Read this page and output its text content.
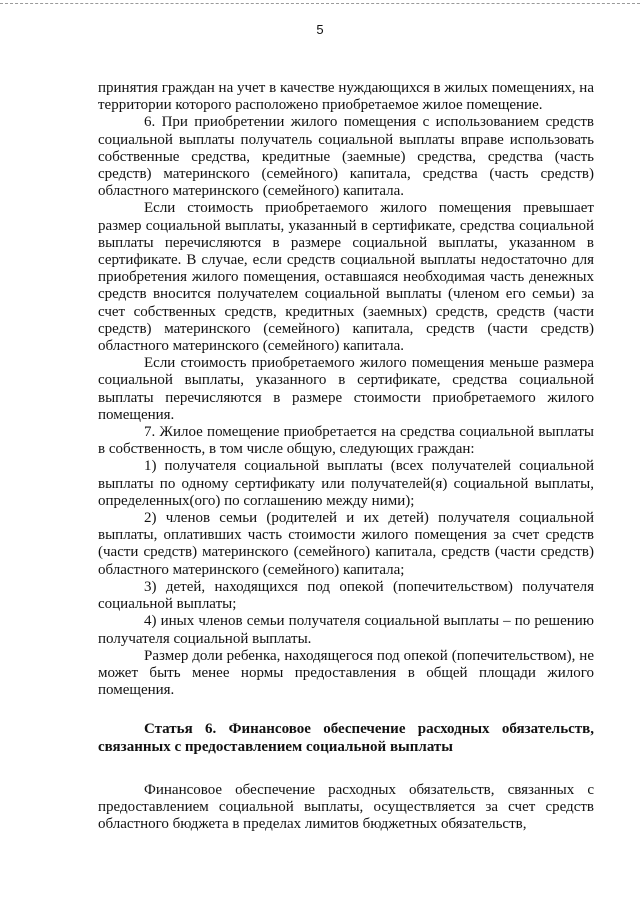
5

принятия граждан на учет в качестве нуждающихся в жилых помещениях, на территории которого расположено приобретаемое жилое помещение.

6. При приобретении жилого помещения с использованием средств социальной выплаты получатель социальной выплаты вправе использовать собственные средства, кредитные (заемные) средства, средства (часть средств) материнского (семейного) капитала, средства (часть средств) областного материнского (семейного) капитала.

Если стоимость приобретаемого жилого помещения превышает размер социальной выплаты, указанный в сертификате, средства социальной выплаты перечисляются в размере социальной выплаты, указанном в сертификате. В случае, если средств социальной выплаты недостаточно для приобретения жилого помещения, оставшаяся необходимая часть денежных средств вносится получателем социальной выплаты (членом его семьи) за счет собственных средств, кредитных (заемных) средств, средств (части средств) материнского (семейного) капитала, средств (части средств) областного материнского (семейного) капитала.

Если стоимость приобретаемого жилого помещения меньше размера социальной выплаты, указанного в сертификате, средства социальной выплаты перечисляются в размере стоимости приобретаемого жилого помещения.

7. Жилое помещение приобретается на средства социальной выплаты в собственность, в том числе общую, следующих граждан:

1) получателя социальной выплаты (всех получателей социальной выплаты по одному сертификату или получателей(я) социальной выплаты, определенных(ого) по соглашению между ними);

2) членов семьи (родителей и их детей) получателя социальной выплаты, оплативших часть стоимости жилого помещения за счет средств (части средств) материнского (семейного) капитала, средств (части средств) областного материнского (семейного) капитала;

3) детей, находящихся под опекой (попечительством) получателя социальной выплаты;

4) иных членов семьи получателя социальной выплаты – по решению получателя социальной выплаты.

Размер доли ребенка, находящегося под опекой (попечительством), не может быть менее нормы предоставления в общей площади жилого помещения.

Статья 6. Финансовое обеспечение расходных обязательств, связанных с предоставлением социальной выплаты

Финансовое обеспечение расходных обязательств, связанных с предоставлением социальной выплаты, осуществляется за счет средств областного бюджета в пределах лимитов бюджетных обязательств,
